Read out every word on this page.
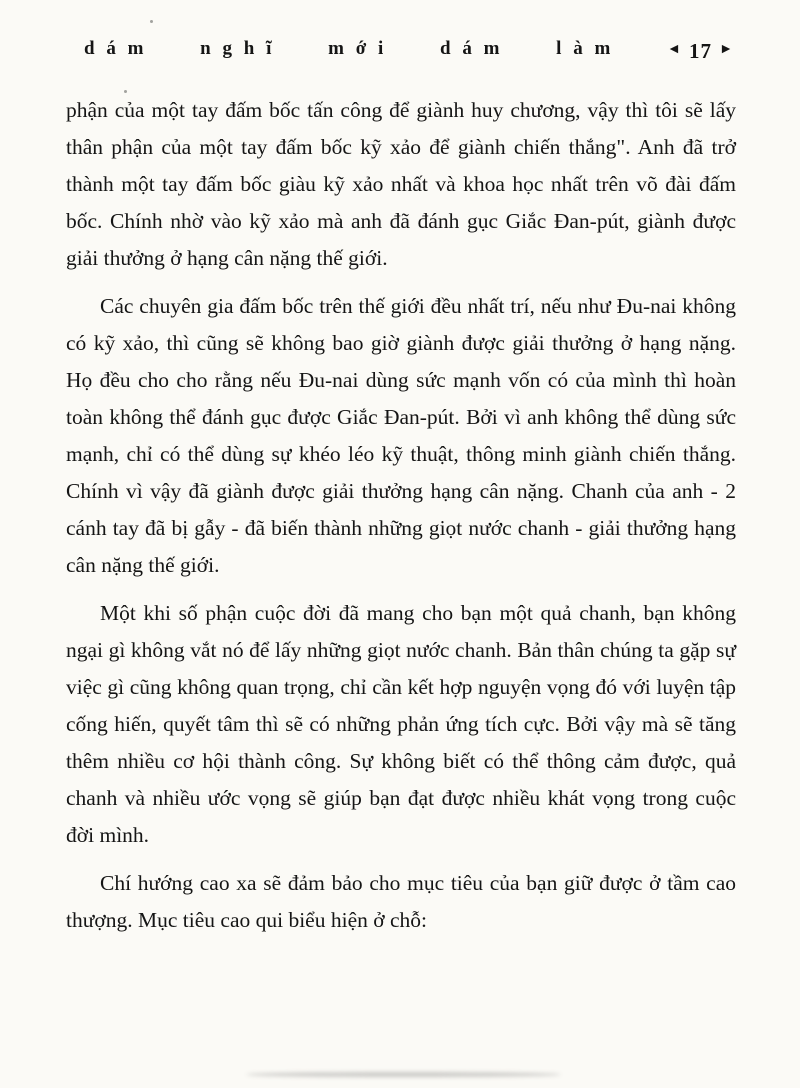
dám nghĩ mới dám làm	◄ 17 ►

phận của một tay đấm bốc tấn công để giành huy chương, vậy thì tôi sẽ lấy thân phận của một tay đấm bốc kỹ xảo để giành chiến thắng". Anh đã trở thành một tay đấm bốc giàu kỹ xảo nhất và khoa học nhất trên võ đài đấm bốc. Chính nhờ vào kỹ xảo mà anh đã đánh gục Giắc Đan-pút, giành được giải thưởng ở hạng cân nặng thế giới.

Các chuyên gia đấm bốc trên thế giới đều nhất trí, nếu như Đu-nai không có kỹ xảo, thì cũng sẽ không bao giờ giành được giải thưởng ở hạng nặng. Họ đều cho cho rằng nếu Đu-nai dùng sức mạnh vốn có của mình thì hoàn toàn không thể đánh gục được Giắc Đan-pút. Bởi vì anh không thể dùng sức mạnh, chỉ có thể dùng sự khéo léo kỹ thuật, thông minh giành chiến thắng. Chính vì vậy đã giành được giải thưởng hạng cân nặng. Chanh của anh - 2 cánh tay đã bị gẫy - đã biến thành những giọt nước chanh - giải thưởng hạng cân nặng thế giới.

Một khi số phận cuộc đời đã mang cho bạn một quả chanh, bạn không ngại gì không vắt nó để lấy những giọt nước chanh. Bản thân chúng ta gặp sự việc gì cũng không quan trọng, chỉ cần kết hợp nguyện vọng đó với luyện tập cống hiến, quyết tâm thì sẽ có những phản ứng tích cực. Bởi vậy mà sẽ tăng thêm nhiều cơ hội thành công. Sự không biết có thể thông cảm được, quả chanh và nhiều ước vọng sẽ giúp bạn đạt được nhiều khát vọng trong cuộc đời mình.

Chí hướng cao xa sẽ đảm bảo cho mục tiêu của bạn giữ được ở tầm cao thượng. Mục tiêu cao qui biểu hiện ở chỗ:
